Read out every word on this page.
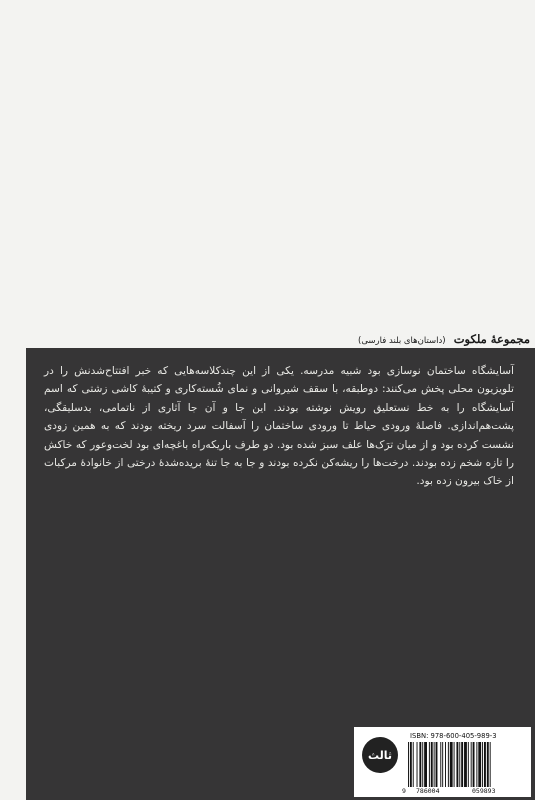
مجموعهٔ ملکوت (داستان‌های بلند فارسی)

آسایشگاه ساختمان نوسازی بود شبیه مدرسه. یکی از این چندکلاسه‌هایی که خبر افتتاح‌شدنش را در تلویزیون محلی پخش می‌کنند: دوطبقه، با سقف شیروانی و نمای شُسته‌کاری و کتیبهٔ کاشی زشتی که اسم آسایشگاه را به خط نستعلیق رویش نوشته بودند. این جا و آن جا آثاری از ناتمامی، بدسلیقگی، پشت‌هم‌اندازی. فاصلهٔ ورودی حیاط تا ورودی ساختمان را آسفالت سرد ریخته بودند که به همین زودی نشست کرده بود و از میان ترَک‌ها علف سبز شده بود. دو طرف باریکه‌راه باغچه‌ای بود لخت‌وعور که خاکش را تازه شخم زده بودند. درخت‌ها را ریشه‌کن نکرده بودند و جا به جا تنهٔ بریده‌شدهٔ درختی از خانوادهٔ مرکبات از خاک بیرون زده بود.

ثالث
ISBN: 978-600-405-989-3
9 786004	059893
